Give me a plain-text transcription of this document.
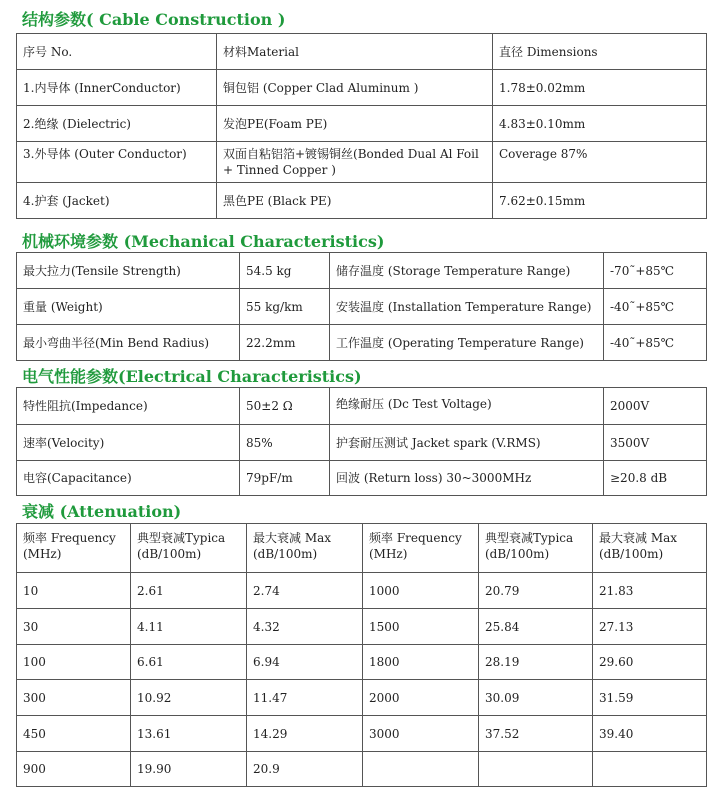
结构参数( Cable Construction )
序号 No.	材料Material	直径 Dimensions
1.内导体 (InnerConductor)	铜包铝 (Copper Clad Aluminum )	1.78±0.02mm
2.绝缘 (Dielectric)	发泡PE(Foam PE)	4.83±0.10mm
3.外导体 (Outer Conductor)	双面自粘铝箔+镀锡铜丝(Bonded Dual Al Foil + Tinned Copper )	Coverage 87%
4.护套 (Jacket)	黑色PE (Black PE)	7.62±0.15mm
机械环境参数 (Mechanical Characteristics)
最大拉力(Tensile Strength)	54.5 kg	储存温度 (Storage Temperature Range)	-70˜+85℃
重量 (Weight)	55 kg/km	安装温度 (Installation Temperature Range)	-40˜+85℃
最小弯曲半径(Min Bend Radius)	22.2mm	工作温度 (Operating Temperature Range)	-40˜+85℃
电气性能参数(Electrical Characteristics)
特性阻抗(Impedance)	50±2 Ω	绝缘耐压 (Dc Test Voltage)	2000V
速率(Velocity)	85%	护套耐压测试 Jacket spark (V.RMS)	3500V
电容(Capacitance)	79pF/m	回波 (Return loss) 30~3000MHz	≥20.8 dB
衰减 (Attenuation)
频率 Frequency (MHz)	典型衰减Typica (dB/100m)	最大衰减 Max (dB/100m)	频率 Frequency (MHz)	典型衰减Typica (dB/100m)	最大衰减 Max (dB/100m)
10	2.61	2.74	1000	20.79	21.83
30	4.11	4.32	1500	25.84	27.13
100	6.61	6.94	1800	28.19	29.60
300	10.92	11.47	2000	30.09	31.59
450	13.61	14.29	3000	37.52	39.40
900	19.90	20.9			
